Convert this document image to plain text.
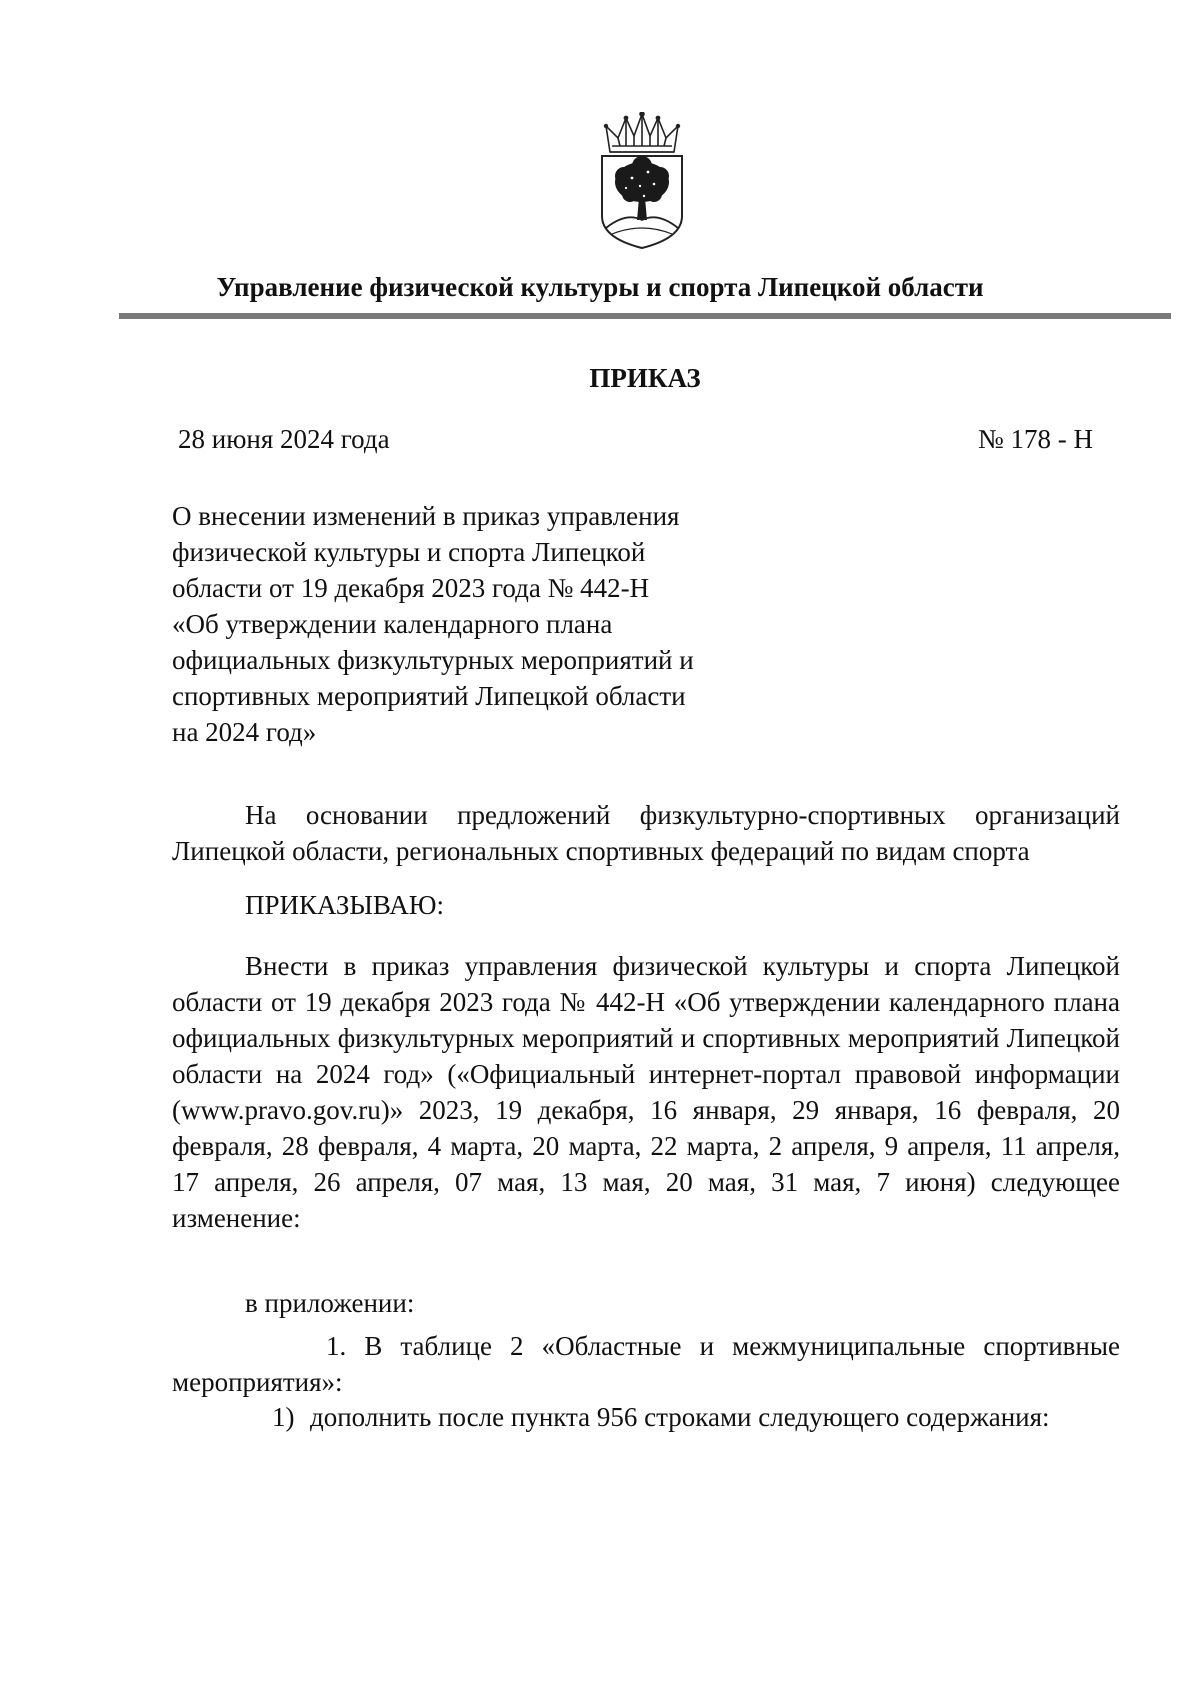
Управление физической культуры и спорта Липецкой области
ПРИКАЗ
28 июня 2024 года	№ 178 - Н
О внесении изменений в приказ управления
физической культуры и спорта Липецкой
области от 19 декабря 2023 года № 442-Н
«Об утверждении календарного плана
официальных физкультурных мероприятий и
спортивных мероприятий Липецкой области
на 2024 год»
На основании предложений физкультурно-спортивных организаций Липецкой области, региональных спортивных федераций по видам спорта
ПРИКАЗЫВАЮ:
Внести в приказ управления физической культуры и спорта Липецкой области от 19 декабря 2023 года № 442-Н «Об утверждении календарного плана официальных физкультурных мероприятий и спортивных мероприятий Липецкой области на 2024 год» («Официальный интернет-портал правовой информации (www.pravo.gov.ru)» 2023, 19 декабря, 16 января, 29 января, 16 февраля, 20 февраля, 28 февраля, 4 марта, 20 марта, 22 марта, 2 апреля, 9 апреля, 11 апреля, 17 апреля, 26 апреля, 07 мая, 13 мая, 20 мая, 31 мая, 7 июня) следующее изменение:
в приложении:
1. В таблице 2 «Областные и межмуниципальные спортивные мероприятия»:
1) дополнить после пункта 956 строками следующего содержания:
